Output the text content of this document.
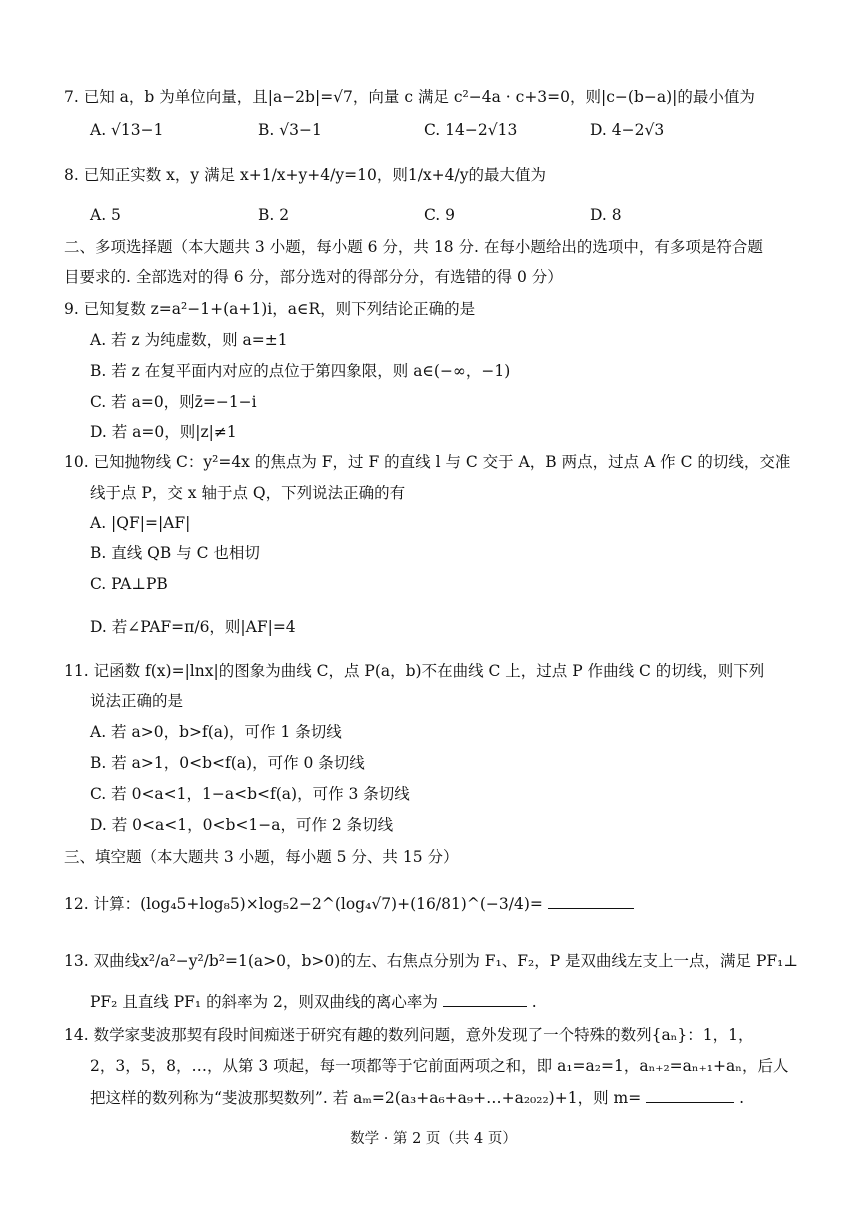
7. 已知 a，b 为单位向量，且|a−2b|=√7，向量 c 满足 c²−4a · c+3=0，则|c−(b−a)|的最小值为
A. √13−1	B. √3−1	C. 14−2√13	D. 4−2√3
8. 已知正实数 x，y 满足 x+1/x+y+4/y=10，则1/x+4/y的最大值为
A. 5	B. 2	C. 9	D. 8
二、多项选择题（本大题共 3 小题，每小题 6 分，共 18 分. 在每小题给出的选项中，有多项是符合题
目要求的. 全部选对的得 6 分，部分选对的得部分分，有选错的得 0 分）
9. 已知复数 z=a²−1+(a+1)i，a∈R，则下列结论正确的是
A. 若 z 为纯虚数，则 a=±1
B. 若 z 在复平面内对应的点位于第四象限，则 a∈(−∞，−1)
C. 若 a=0，则z̄=−1−i
D. 若 a=0，则|z|≠1
10. 已知抛物线 C：y²=4x 的焦点为 F，过 F 的直线 l 与 C 交于 A，B 两点，过点 A 作 C 的切线，交准
线于点 P，交 x 轴于点 Q，下列说法正确的有
A. |QF|=|AF|
B. 直线 QB 与 C 也相切
C. PA⊥PB
D. 若∠PAF=π/6，则|AF|=4
11. 记函数 f(x)=|lnx|的图象为曲线 C，点 P(a，b)不在曲线 C 上，过点 P 作曲线 C 的切线，则下列
说法正确的是
A. 若 a>0，b>f(a)，可作 1 条切线
B. 若 a>1，0<b<f(a)，可作 0 条切线
C. 若 0<a<1，1−a<b<f(a)，可作 3 条切线
D. 若 0<a<1，0<b<1−a，可作 2 条切线
三、填空题（本大题共 3 小题，每小题 5 分、共 15 分）
12. 计算：(log₄5+log₈5)×log₅2−2^(log₄√7)+(16/81)^(−3/4)=
13. 双曲线x²/a²−y²/b²=1(a>0，b>0)的左、右焦点分别为 F₁、F₂，P 是双曲线左支上一点，满足 PF₁⊥
PF₂ 且直线 PF₁ 的斜率为 2，则双曲线的离心率为	.
14. 数学家斐波那契有段时间痴迷于研究有趣的数列问题，意外发现了一个特殊的数列{aₙ}：1，1，
2，3，5，8，…，从第 3 项起，每一项都等于它前面两项之和，即 a₁=a₂=1，aₙ₊₂=aₙ₊₁+aₙ，后人
把这样的数列称为“斐波那契数列”. 若 aₘ=2(a₃+a₆+a₉+…+a₂₀₂₂)+1，则 m=	.
数学 · 第 2 页（共 4 页）
